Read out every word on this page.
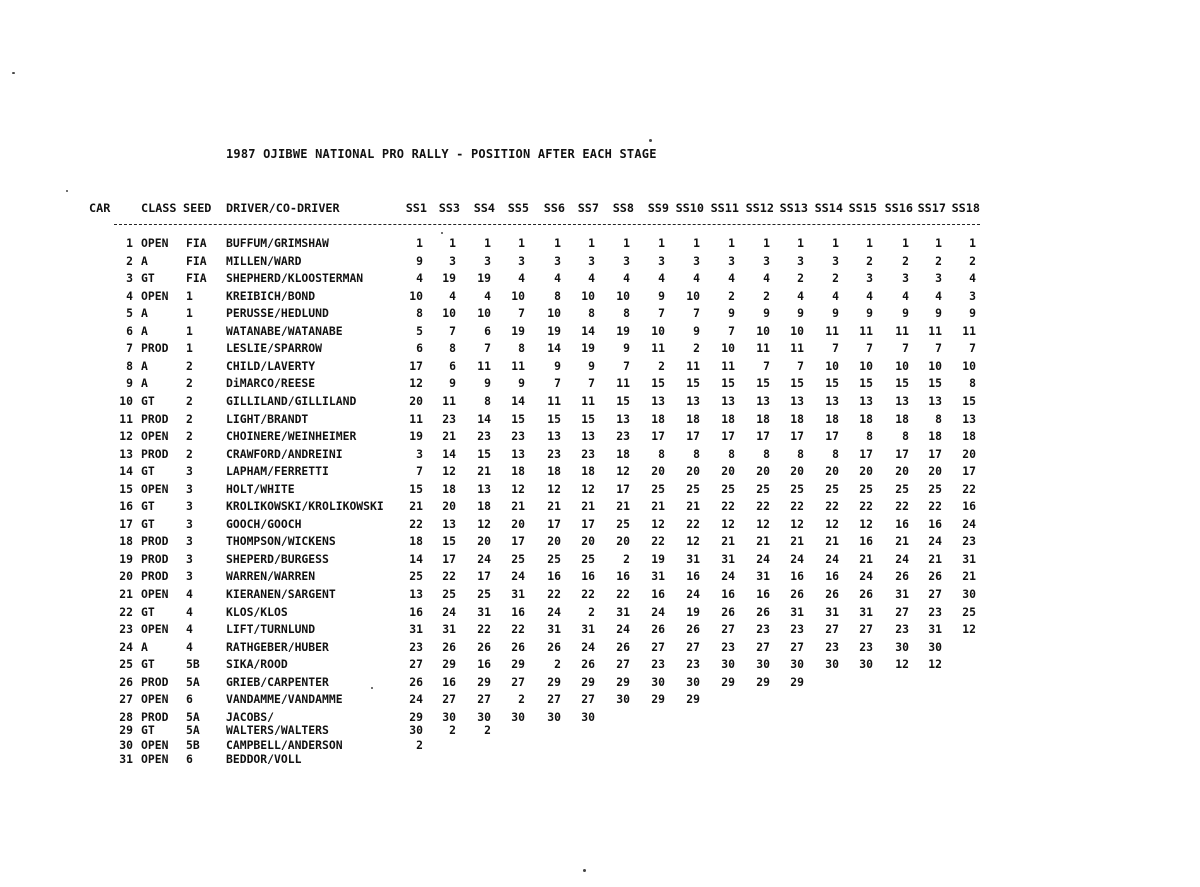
1987 OJIBWE NATIONAL PRO RALLY - POSITION AFTER EACH STAGE
CAR	CLASS SEED DRIVER/CO-DRIVER	SS1 SS3	SS4	SS5	SS6	SS7	SS8	SS9 SS10 SS11 SS12 SS13 SS14 SS15 SS16 SS17 SS18
1 OPEN FIA BUFFUM/GRIMSHAW	1	1	1	1	1	1	1	1	1	1	1	1	1	1	1	1	1
2 A	FIA MILLEN/WARD	9	3	3	3	3	3	3	3	3	3	3	3	3	2	2	2	2
3 GT	FIA SHEPHERD/KLOOSTERMAN	4	19	19	4	4	4	4	4	4	4	4	2	2	3	3	3	4
4 OPEN 1	KREIBICH/BOND	10	4	4	10	8	10	10	9	10	2	2	4	4	4	4	4	3
5 A	1	PERUSSE/HEDLUND	8	10	10	7	10	8	8	7	7	9	9	9	9	9	9	9	9
6 A	1	WATANABE/WATANABE	5	7	6	19	19	14	19	10	9	7	10	10	11	11	11	11	11
7 PROD 1	LESLIE/SPARROW	6	8	7	8	14	19	9	11	2	10	11	11	7	7	7	7	7
8 A	2	CHILD/LAVERTY	17	6	11	11	9	9	7	2	11	11	7	7	10	10	10	10	10
9 A	2	DiMARCO/REESE	12	9	9	9	7	7	11	15	15	15	15	15	15	15	15	15	8
10 GT	2	GILLILAND/GILLILAND	20	11	8	14	11	11	15	13	13	13	13	13	13	13	13	13	15
11 PROD 2	LIGHT/BRANDT	11	23	14	15	15	15	13	18	18	18	18	18	18	18	18	8	13
12 OPEN 2	CHOINERE/WEINHEIMER	19	21	23	23	13	13	23	17	17	17	17	17	17	8	8	18	18
13 PROD 2	CRAWFORD/ANDREINI	3	14	15	13	23	23	18	8	8	8	8	8	8	17	17	17	20
14 GT	3	LAPHAM/FERRETTI	7	12	21	18	18	18	12	20	20	20	20	20	20	20	20	20	17
15 OPEN 3	HOLT/WHITE	15	18	13	12	12	12	17	25	25	25	25	25	25	25	25	25	22
16 GT	3	KROLIKOWSKI/KROLIKOWSKI	21	20	18	21	21	21	21	21	21	22	22	22	22	22	22	22	16
17 GT	3	GOOCH/GOOCH	22	13	12	20	17	17	25	12	22	12	12	12	12	12	16	16	24
18 PROD 3	THOMPSON/WICKENS	18	15	20	17	20	20	20	22	12	21	21	21	21	16	21	24	23
19 PROD 3	SHEPERD/BURGESS	14	17	24	25	25	25	2	19	31	31	24	24	24	21	24	21	31
20 PROD 3	WARREN/WARREN	25	22	17	24	16	16	16	31	16	24	31	16	16	24	26	26	21
21 OPEN 4	KIERANEN/SARGENT	13	25	25	31	22	22	22	16	24	16	16	26	26	26	31	27	30
22 GT	4	KLOS/KLOS	16	24	31	16	24	2	31	24	19	26	26	31	31	31	27	23	25
23 OPEN 4	LIFT/TURNLUND	31	31	22	22	31	31	24	26	26	27	23	23	27	27	23	31	12
24 A	4	RATHGEBER/HUBER	23	26	26	26	26	24	26	27	27	23	27	27	23	23	30	30
25 GT	5B SIKA/ROOD	27	29	16	29	2	26	27	23	23	30	30	30	30	30	12	12
26 PROD 5A GRIEB/CARPENTER	26	16	29	27	29	29	29	30	30	29	29	29
27 OPEN 6	VANDAMME/VANDAMME	24	27	27	2	27	27	30	29	29
28 PROD 5A JACOBS/	29	30	30	30	30	30
29 GT	5A WALTERS/WALTERS	30	2	2
30 OPEN 5B CAMPBELL/ANDERSON	2
31 OPEN 6	BEDDOR/VOLL
